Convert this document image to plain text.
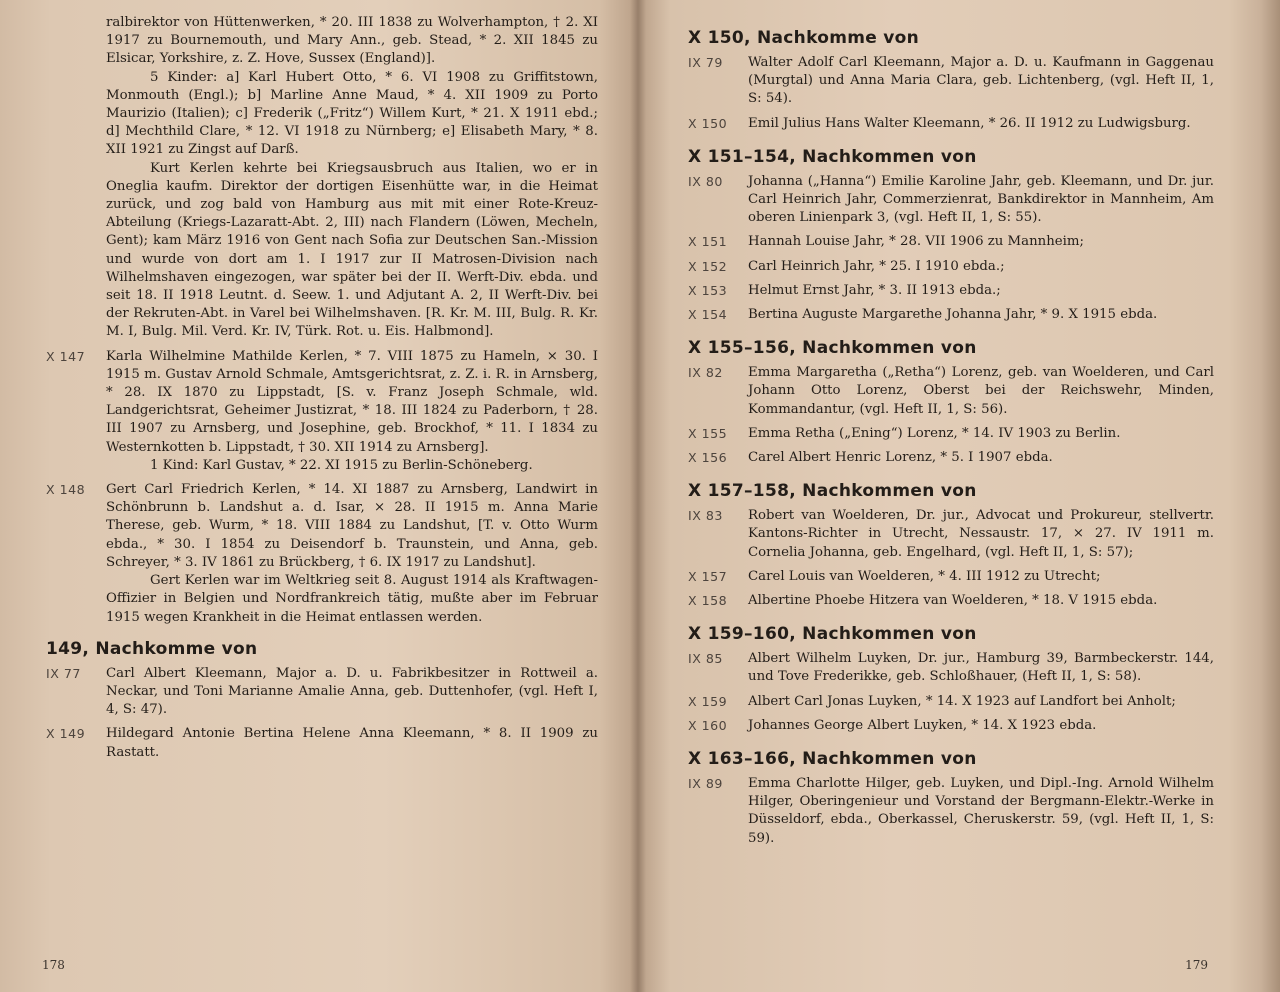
ralbirektor von Hüttenwerken, * 20. III 1838 zu Wolverhampton, † 2. XI 1917 zu Bournemouth, und Mary Ann., geb. Stead, * 2. XII 1845 zu Elsicar, Yorkshire, z. Z. Hove, Sussex (England)].

5 Kinder: a] Karl Hubert Otto, * 6. VI 1908 zu Griffitstown, Monmouth (Engl.); b] Marline Anne Maud, * 4. XII 1909 zu Porto Maurizio (Italien); c] Frederik („Fritz“) Willem Kurt, * 21. X 1911 ebd.; d] Mechthild Clare, * 12. VI 1918 zu Nürnberg; e] Elisabeth Mary, * 8. XII 1921 zu Zingst auf Darß.

Kurt Kerlen kehrte bei Kriegsausbruch aus Italien, wo er in Oneglia kaufm. Direktor der dortigen Eisenhütte war, in die Heimat zurück, und zog bald von Hamburg aus mit mit einer Rote-Kreuz-Abteilung (Kriegs-Lazaratt-Abt. 2, III) nach Flandern (Löwen, Mecheln, Gent); kam März 1916 von Gent nach Sofia zur Deutschen San.-Mission und wurde von dort am 1. I 1917 zur II Matrosen-Division nach Wilhelmshaven eingezogen, war später bei der II. Werft-Div. ebda. und seit 18. II 1918 Leutnt. d. Seew. 1. und Adjutant A. 2, II Werft-Div. bei der Rekruten-Abt. in Varel bei Wilhelmshaven. [R. Kr. M. III, Bulg. R. Kr. M. I, Bulg. Mil. Verd. Kr. IV, Türk. Rot. u. Eis. Halbmond].

X 147	Karla Wilhelmine Mathilde Kerlen, * 7. VIII 1875 zu Hameln, ⨯ 30. I 1915 m. Gustav Arnold Schmale, Amtsgerichtsrat, z. Z. i. R. in Arnsberg, * 28. IX 1870 zu Lippstadt, [S. v. Franz Joseph Schmale, wld. Landgerichtsrat, Geheimer Justizrat, * 18. III 1824 zu Paderborn, † 28. III 1907 zu Arnsberg, und Josephine, geb. Brockhof, * 11. I 1834 zu Westernkotten b. Lippstadt, † 30. XII 1914 zu Arnsberg].

1 Kind: Karl Gustav, * 22. XI 1915 zu Berlin-Schöneberg.

X 148	Gert Carl Friedrich Kerlen, * 14. XI 1887 zu Arnsberg, Landwirt in Schönbrunn b. Landshut a. d. Isar, ⨯ 28. II 1915 m. Anna Marie Therese, geb. Wurm, * 18. VIII 1884 zu Landshut, [T. v. Otto Wurm ebda., * 30. I 1854 zu Deisendorf b. Traunstein, und Anna, geb. Schreyer, * 3. IV 1861 zu Brückberg, † 6. IX 1917 zu Landshut].

Gert Kerlen war im Weltkrieg seit 8. August 1914 als Kraftwagen-Offizier in Belgien und Nordfrankreich tätig, mußte aber im Februar 1915 wegen Krankheit in die Heimat entlassen werden.

149, Nachkomme von
IX 77	Carl Albert Kleemann, Major a. D. u. Fabrikbesitzer in Rottweil a. Neckar, und Toni Marianne Amalie Anna, geb. Duttenhofer, (vgl. Heft I, 4, S: 47).

X 149	Hildegard Antonie Bertina Helene Anna Kleemann, * 8. II 1909 zu Rastatt.

178
X 150, Nachkomme von
IX 79	Walter Adolf Carl Kleemann, Major a. D. u. Kaufmann in Gaggenau (Murgtal) und Anna Maria Clara, geb. Lichtenberg, (vgl. Heft II, 1, S: 54).
X 150	Emil Julius Hans Walter Kleemann, * 26. II 1912 zu Ludwigsburg.
X 151–154, Nachkommen von
IX 80	Johanna („Hanna“) Emilie Karoline Jahr, geb. Kleemann, und Dr. jur. Carl Heinrich Jahr, Commerzienrat, Bankdirektor in Mannheim, Am oberen Linienpark 3, (vgl. Heft II, 1, S: 55).
X 151	Hannah Louise Jahr, * 28. VII 1906 zu Mannheim;
X 152	Carl Heinrich Jahr, * 25. I 1910 ebda.;
X 153	Helmut Ernst Jahr, * 3. II 1913 ebda.;
X 154	Bertina Auguste Margarethe Johanna Jahr, * 9. X 1915 ebda.
X 155–156, Nachkommen von
IX 82	Emma Margaretha („Retha“) Lorenz, geb. van Woelderen, und Carl Johann Otto Lorenz, Oberst bei der Reichswehr, Minden, Kommandantur, (vgl. Heft II, 1, S: 56).
X 155	Emma Retha („Ening“) Lorenz, * 14. IV 1903 zu Berlin.
X 156	Carel Albert Henric Lorenz, * 5. I 1907 ebda.
X 157–158, Nachkommen von
IX 83	Robert van Woelderen, Dr. jur., Advocat und Prokureur, stellvertr. Kantons-Richter in Utrecht, Nessaustr. 17, ⨯ 27. IV 1911 m. Cornelia Johanna, geb. Engelhard, (vgl. Heft II, 1, S: 57);
X 157	Carel Louis van Woelderen, * 4. III 1912 zu Utrecht;
X 158	Albertine Phoebe Hitzera van Woelderen, * 18. V 1915 ebda.
X 159–160, Nachkommen von
IX 85	Albert Wilhelm Luyken, Dr. jur., Hamburg 39, Barmbeckerstr. 144, und Tove Frederikke, geb. Schloßhauer, (Heft II, 1, S: 58).
X 159	Albert Carl Jonas Luyken, * 14. X 1923 auf Landfort bei Anholt;
X 160	Johannes George Albert Luyken, * 14. X 1923 ebda.
X 163–166, Nachkommen von
IX 89	Emma Charlotte Hilger, geb. Luyken, und Dipl.-Ing. Arnold Wilhelm Hilger, Oberingenieur und Vorstand der Bergmann-Elektr.-Werke in Düsseldorf, ebda., Oberkassel, Cheruskerstr. 59, (vgl. Heft II, 1, S: 59).
179
